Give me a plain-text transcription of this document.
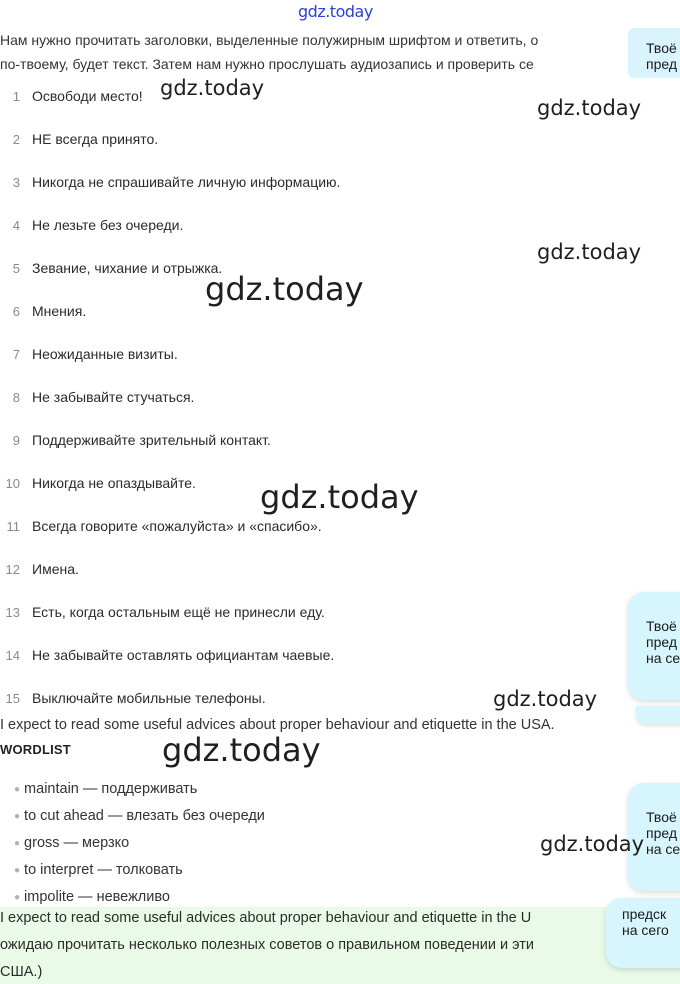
gdz.today
Нам нужно прочитать заголовки, выделенные полужирным шрифтом и ответить, о
по-твоему, будет текст. Затем нам нужно прослушать аудиозапись и проверить се
1 Освободи место!
2 НЕ всегда принято.
3 Никогда не спрашивайте личную информацию.
4 Не лезьте без очереди.
5 Зевание, чихание и отрыжка.
6 Мнения.
7 Неожиданные визиты.
8 Не забывайте стучаться.
9 Поддерживайте зрительный контакт.
10 Никогда не опаздывайте.
11 Всегда говорите «пожалуйста» и «спасибо».
12 Имена.
13 Есть, когда остальным ещё не принесли еду.
14 Не забывайте оставлять официантам чаевые.
15 Выключайте мобильные телефоны.
I expect to read some useful advices about proper behaviour and etiquette in the USA.
WORDLIST
● maintain — поддерживать
● to cut ahead — влезать без очереди
● gross — мерзко
● to interpret — толковать
● impolite — невежливо

I expect to read some useful advices about proper behaviour and etiquette in the U

ожидаю прочитать несколько полезных советов о правильном поведении и эти

США.)

Твоё
пред
Твоё
пред
на се
Твоё
пред
на се
предск
на сего
gdz.today
gdz.today
gdz.today
gdz.today
gdz.today
gdz.today
gdz.today
gdz.today
